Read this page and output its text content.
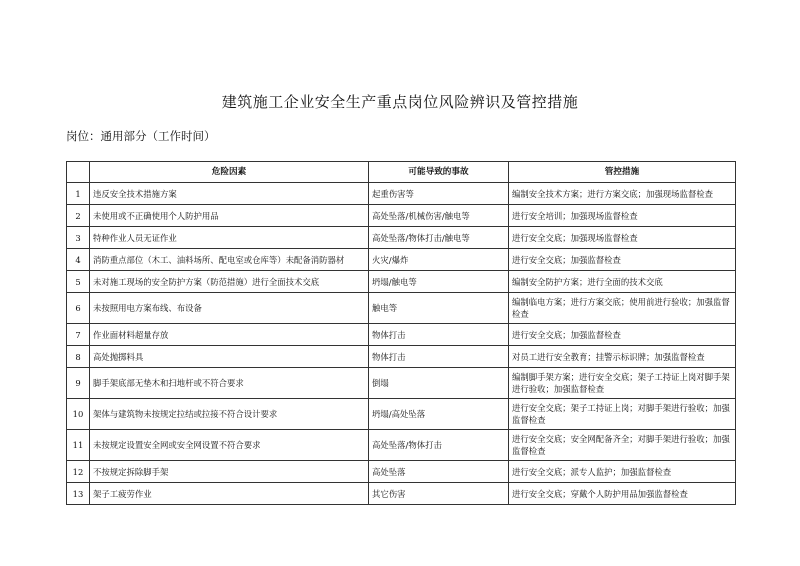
建筑施工企业安全生产重点岗位风险辨识及管控措施
岗位：通用部分（工作时间）
	危险因素	可能导致的事故	管控措施
1	违反安全技术措施方案	起重伤害等	编制安全技术方案；进行方案交底；加强现场监督检查
2	未使用或不正确使用个人防护用品	高处坠落/机械伤害/触电等	进行安全培训；加强现场监督检查
3	特种作业人员无证作业	高处坠落/物体打击/触电等	进行安全交底；加强现场监督检查
4	消防重点部位（木工、油料场所、配电室或仓库等）未配备消防器材	火灾/爆炸	进行安全交底；加强监督检查
5	未对施工现场的安全防护方案（防范措施）进行全面技术交底	坍塌/触电等	编制安全防护方案；进行全面的技术交底
6	未按照用电方案布线、布设备	触电等	编制临电方案；进行方案交底；使用前进行验收；加强监督检查
7	作业面材料超量存放	物体打击	进行安全交底；加强监督检查
8	高处抛掷料具	物体打击	对员工进行安全教育；挂警示标识牌；加强监督检查
9	脚手架底部无垫木和扫地杆或不符合要求	倒塌	编制脚手架方案；进行安全交底；架子工持证上岗对脚手架进行验收；加强监督检查
10	架体与建筑物未按规定拉结或拉接不符合设计要求	坍塌/高处坠落	进行安全交底；架子工持证上岗；对脚手架进行验收；加强监督检查
11	未按规定设置安全网或安全网设置不符合要求	高处坠落/物体打击	进行安全交底；安全网配备齐全；对脚手架进行验收；加强监督检查
12	不按规定拆除脚手架	高处坠落	进行安全交底；派专人监护；加强监督检查
13	架子工疲劳作业	其它伤害	进行安全交底；穿戴个人防护用品加强监督检查
